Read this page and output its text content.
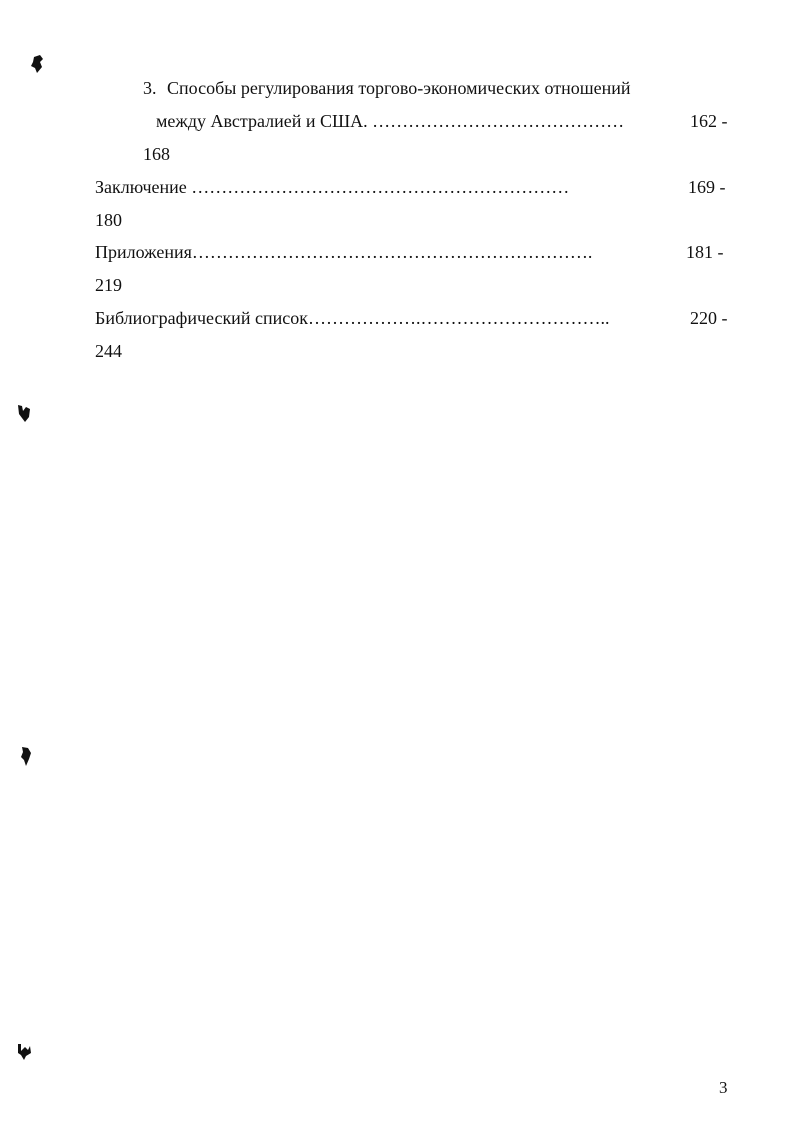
3. Способы регулирования торгово-экономических отношений
между Австралией и США. ……………………………………	162 -
168
Заключение ………………………………………………………	169 -
180
Приложения………………………………………………………….	181 -
219
Библиографический список……………….…………………………..	220 -
244
3
